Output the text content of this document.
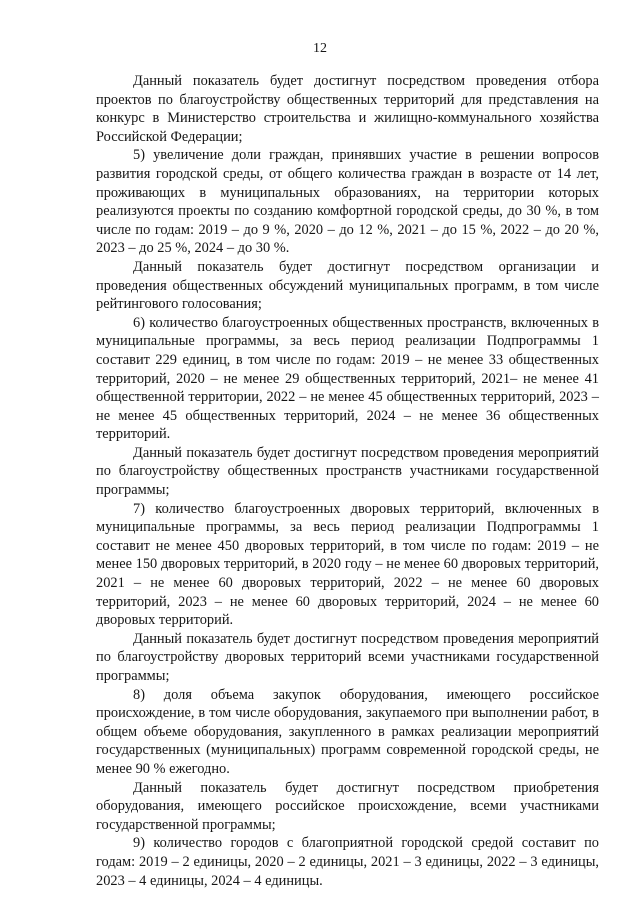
12

Данный показатель будет достигнут посредством проведения отбора проектов по благоустройству общественных территорий для представления на конкурс в Министерство строительства и жилищно-коммунального хозяйства Российской Федерации;

5) увеличение доли граждан, принявших участие в решении вопросов развития городской среды, от общего количества граждан в возрасте от 14 лет, проживающих в муниципальных образованиях, на территории которых реализуются проекты по созданию комфортной городской среды, до 30 %, в том числе по годам: 2019 – до 9 %, 2020 – до 12 %, 2021 – до 15 %, 2022 – до 20 %, 2023 – до 25 %, 2024 – до 30 %.

Данный показатель будет достигнут посредством организации и проведения общественных обсуждений муниципальных программ, в том числе рейтингового голосования;

6) количество благоустроенных общественных пространств, включенных в муниципальные программы, за весь период реализации Подпрограммы 1 составит 229 единиц, в том числе по годам: 2019 – не менее 33 общественных территорий, 2020 – не менее 29 общественных территорий, 2021– не менее 41 общественной территории, 2022 – не менее 45 общественных территорий, 2023 – не менее 45 общественных территорий, 2024 – не менее 36 общественных территорий.

Данный показатель будет достигнут посредством проведения мероприятий по благоустройству общественных пространств участниками государственной программы;

7) количество благоустроенных дворовых территорий, включенных в муниципальные программы, за весь период реализации Подпрограммы 1 составит не менее 450 дворовых территорий, в том числе по годам: 2019 – не менее 150 дворовых территорий, в 2020 году – не менее 60 дворовых территорий, 2021 – не менее 60 дворовых территорий, 2022 – не менее 60 дворовых территорий, 2023 – не менее 60 дворовых территорий, 2024 – не менее 60 дворовых территорий.

Данный показатель будет достигнут посредством проведения мероприятий по благоустройству дворовых территорий всеми участниками государственной программы;

8) доля объема закупок оборудования, имеющего российское происхождение, в том числе оборудования, закупаемого при выполнении работ, в общем объеме оборудования, закупленного в рамках реализации мероприятий государственных (муниципальных) программ современной городской среды, не менее 90 % ежегодно.

Данный показатель будет достигнут посредством приобретения оборудования, имеющего российское происхождение, всеми участниками государственной программы;

9) количество городов с благоприятной городской средой составит по годам: 2019 – 2 единицы, 2020 – 2 единицы, 2021 – 3 единицы, 2022 – 3 единицы, 2023 – 4 единицы, 2024 – 4 единицы.
